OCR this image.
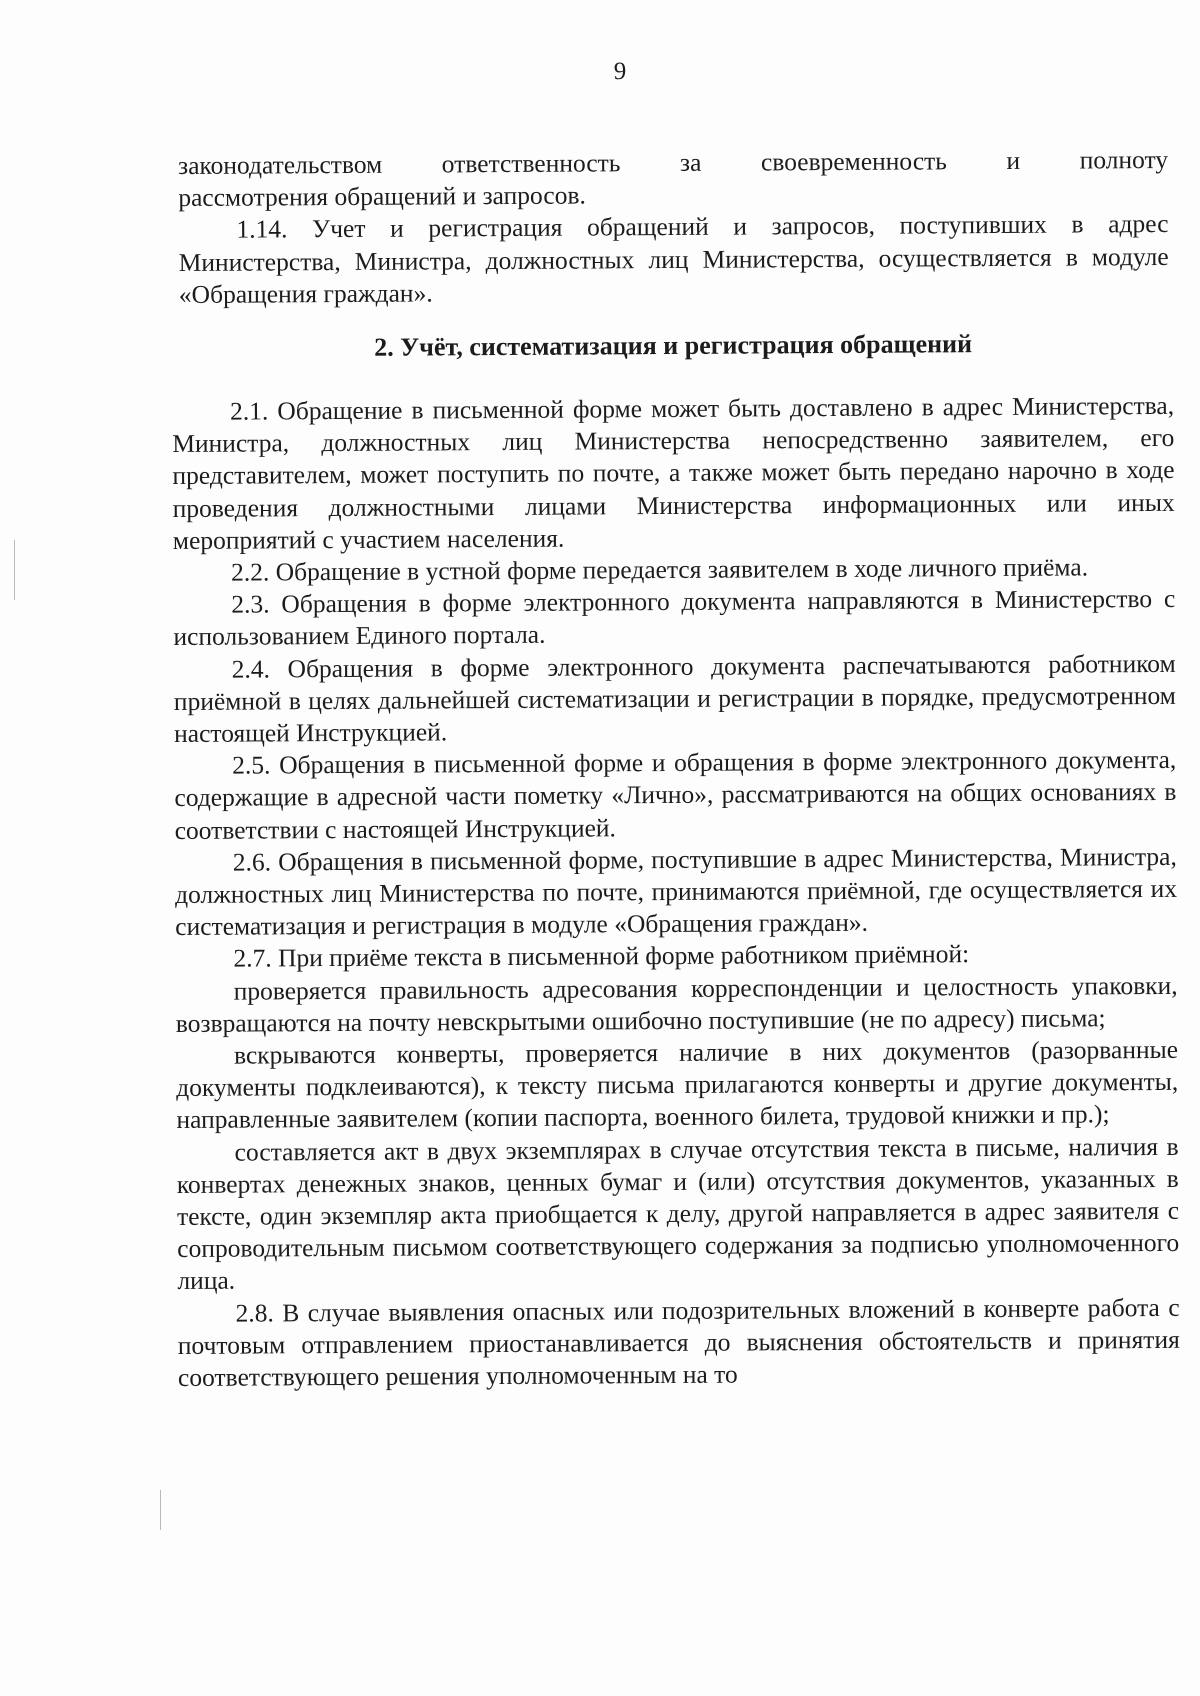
9

законодательством ответственность за своевременность и полноту

рассмотрения обращений и запросов.

1.14. Учет и регистрация обращений и запросов, поступивших в адрес Министерства, Министра, должностных лиц Министерства, осуществляется в модуле «Обращения граждан».

2. Учёт, систематизация и регистрация обращений

2.1. Обращение в письменной форме может быть доставлено в адрес Министерства, Министра, должностных лиц Министерства непосредственно заявителем, его представителем, может поступить по почте, а также может быть передано нарочно в ходе проведения должностными лицами Министерства информационных или иных мероприятий с участием населения.

2.2. Обращение в устной форме передается заявителем в ходе личного приёма.

2.3. Обращения в форме электронного документа направляются в Министерство с использованием Единого портала.

2.4. Обращения в форме электронного документа распечатываются работником приёмной в целях дальнейшей систематизации и регистрации в порядке, предусмотренном настоящей Инструкцией.

2.5. Обращения в письменной форме и обращения в форме электронного документа, содержащие в адресной части пометку «Лично», рассматриваются на общих основаниях в соответствии с настоящей Инструкцией.

2.6. Обращения в письменной форме, поступившие в адрес Министерства, Министра, должностных лиц Министерства по почте, принимаются приёмной, где осуществляется их систематизация и регистрация в модуле «Обращения граждан».

2.7. При приёме текста в письменной форме работником приёмной:

проверяется правильность адресования корреспонденции и целостность упаковки, возвращаются на почту невскрытыми ошибочно поступившие (не по адресу) письма;

вскрываются конверты, проверяется наличие в них документов (разорванные документы подклеиваются), к тексту письма прилагаются конверты и другие документы, направленные заявителем (копии паспорта, военного билета, трудовой книжки и пр.);

составляется акт в двух экземплярах в случае отсутствия текста в письме, наличия в конвертах денежных знаков, ценных бумаг и (или) отсутствия документов, указанных в тексте, один экземпляр акта приобщается к делу, другой направляется в адрес заявителя с сопроводительным письмом соответствующего содержания за подписью уполномоченного лица.

2.8. В случае выявления опасных или подозрительных вложений в конверте работа с почтовым отправлением приостанавливается до выяснения обстоятельств и принятия соответствующего решения уполномоченным на то
